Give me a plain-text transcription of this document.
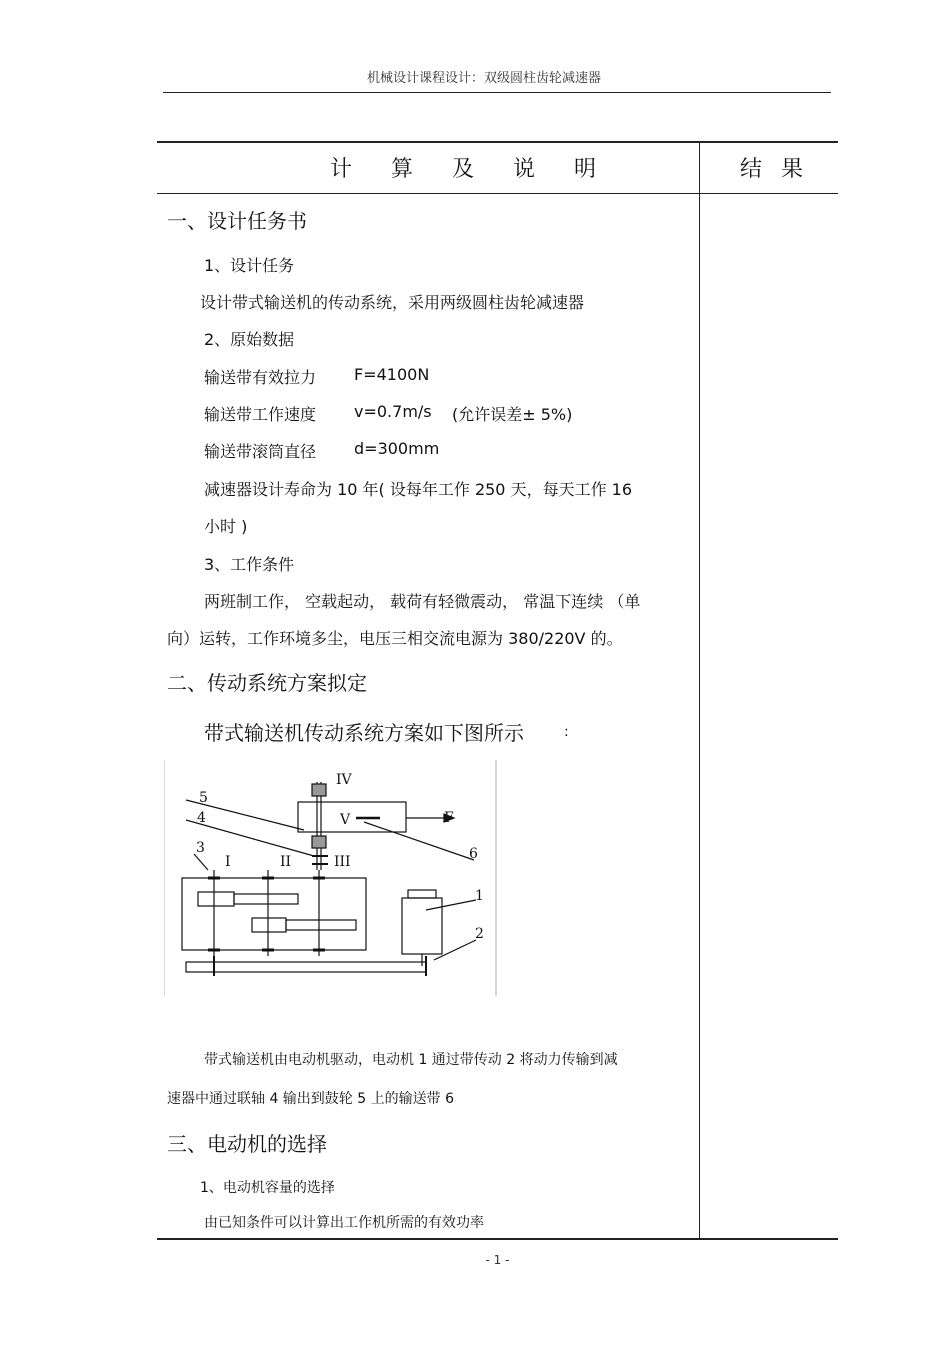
机械设计课程设计：双级圆柱齿轮减速器
计 算 及 说 明	结 果
一、设计任务书
1、设计任务
设计带式输送机的传动系统，采用两级圆柱齿轮减速器
2、原始数据
输送带有效拉力 F=4100N
输送带工作速度 v=0.7m/s (允许误差± 5%)
输送带滚筒直径 d=300mm
减速器设计寿命为 10 年( 设每年工作 250 天，每天工作 16
小时 )
3、工作条件
两班制工作， 空载起动， 载荷有轻微震动， 常温下连续 （单
向）运转，工作环境多尘，电压三相交流电源为 380/220V 的。
二、传动系统方案拟定
带式输送机传动系统方案如下图所示	:
5
4
3
I	II	III
IV
V	F
6
1
2
带式输送机由电动机驱动，电动机 1 通过带传动 2 将动力传输到减
速器中通过联轴 4 输出到鼓轮 5 上的输送带 6
三、电动机的选择
1、电动机容量的选择
由已知条件可以计算出工作机所需的有效功率
- 1 -
